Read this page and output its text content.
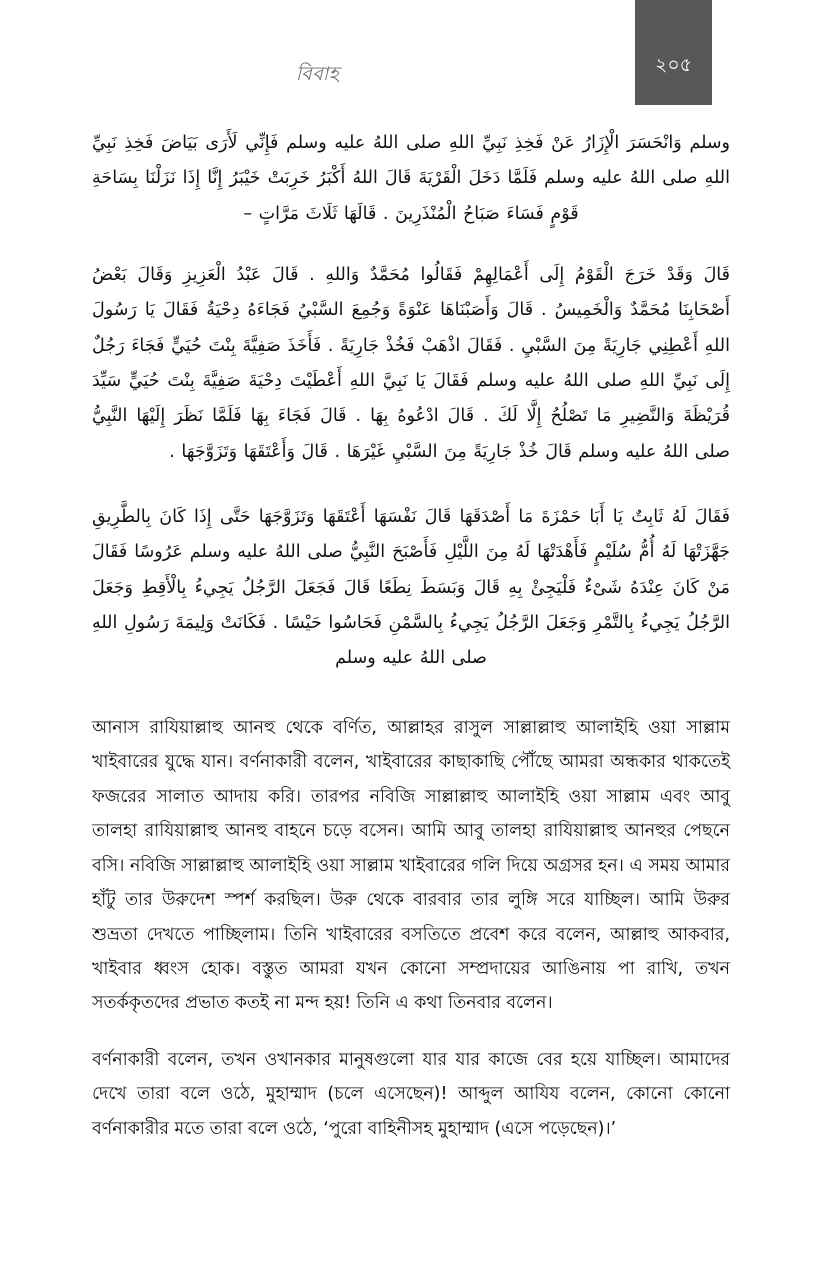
২০৫
বিবাহ

وسلم وَانْحَسَرَ الْإِزَارُ عَنْ فَخِذِ نَبِيِّ اللهِ صلى اللهُ عليه وسلم فَإِنِّي لَأَرَى بَيَاضَ فَخِذِ نَبِيِّ اللهِ صلى اللهُ عليه وسلم فَلَمَّا دَخَلَ الْقَرْيَةَ قَالَ اللهُ أَكْبَرُ خَرِبَتْ خَيْبَرُ إِنَّا إِذَا نَزَلْنَا بِسَاحَةِ قَوْمٍ فَسَاءَ صَبَاحُ الْمُنْذَرِينَ . قَالَهَا ثَلَاثَ مَرَّاتٍ –

قَالَ وَقَدْ خَرَجَ الْقَوْمُ إِلَى أَعْمَالِهِمْ فَقَالُوا مُحَمَّدٌ وَاللهِ . قَالَ عَبْدُ الْعَزِيزِ وَقَالَ بَعْضُ أَصْحَابِنَا مُحَمَّدٌ وَالْخَمِيسُ . قَالَ وَأَصَبْنَاهَا عَنْوَةً وَجُمِعَ السَّبْيُ فَجَاءَهُ دِحْيَةُ فَقَالَ يَا رَسُولَ اللهِ أَعْطِنِي جَارِيَةً مِنَ السَّبْيِ . فَقَالَ اذْهَبْ فَخُذْ جَارِيَةً . فَأَخَذَ صَفِيَّةَ بِنْتَ حُيَيٍّ فَجَاءَ رَجُلٌ إِلَى نَبِيِّ اللهِ صلى اللهُ عليه وسلم فَقَالَ يَا نَبِيَّ اللهِ أَعْطَيْتَ دِحْيَةَ صَفِيَّةَ بِنْتَ حُيَيٍّ سَيِّدَ قُرَيْظَةَ وَالنَّضِيرِ مَا تَصْلُحُ إِلَّا لَكَ . قَالَ ادْعُوهُ بِهَا . قَالَ فَجَاءَ بِهَا فَلَمَّا نَظَرَ إِلَيْهَا النَّبِيُّ صلى اللهُ عليه وسلم قَالَ خُذْ جَارِيَةً مِنَ السَّبْيِ غَيْرَهَا . قَالَ وَأَعْتَقَهَا وَتَزَوَّجَهَا .

فَقَالَ لَهُ ثَابِتٌ يَا أَبَا حَمْزَةَ مَا أَصْدَقَهَا قَالَ نَفْسَهَا أَعْتَقَهَا وَتَزَوَّجَهَا حَتَّى إِذَا كَانَ بِالطَّرِيقِ جَهَّزَتْهَا لَهُ أُمُّ سُلَيْمٍ فَأَهْدَتْهَا لَهُ مِنَ اللَّيْلِ فَأَصْبَحَ النَّبِيُّ صلى اللهُ عليه وسلم عَرُوسًا فَقَالَ مَنْ كَانَ عِنْدَهُ شَىْءٌ فَلْيَجِئْ بِهِ قَالَ وَبَسَطَ نِطَعًا قَالَ فَجَعَلَ الرَّجُلُ يَجِيءُ بِالْأَقِطِ وَجَعَلَ الرَّجُلُ يَجِيءُ بِالتَّمْرِ وَجَعَلَ الرَّجُلُ يَجِيءُ بِالسَّمْنِ فَحَاسُوا حَيْسًا . فَكَانَتْ وَلِيمَةَ رَسُولِ اللهِ صلى اللهُ عليه وسلم

আনাস রাযিয়াল্লাহু আনহু থেকে বর্ণিত, আল্লাহর রাসুল সাল্লাল্লাহু আলাইহি ওয়া সাল্লাম খাইবারের যুদ্ধে যান। বর্ণনাকারী বলেন, খাইবারের কাছাকাছি পৌঁছে আমরা অন্ধকার থাকতেই ফজরের সালাত আদায় করি। তারপর নবিজি সাল্লাল্লাহু আলাইহি ওয়া সাল্লাম এবং আবু তালহা রাযিয়াল্লাহু আনহু বাহনে চড়ে বসেন। আমি আবু তালহা রাযিয়াল্লাহু আনহুর পেছনে বসি। নবিজি সাল্লাল্লাহু আলাইহি ওয়া সাল্লাম খাইবারের গলি দিয়ে অগ্রসর হন। এ সময় আমার হাঁটু তার উরুদেশ স্পর্শ করছিল। উরু থেকে বারবার তার লুঙ্গি সরে যাচ্ছিল। আমি উরুর শুভ্রতা দেখতে পাচ্ছিলাম। তিনি খাইবারের বসতিতে প্রবেশ করে বলেন, আল্লাহু আকবার, খাইবার ধ্বংস হোক। বস্তুত আমরা যখন কোনো সম্প্রদায়ের আঙিনায় পা রাখি, তখন সতর্ককৃতদের প্রভাত কতই না মন্দ হয়! তিনি এ কথা তিনবার বলেন।

বর্ণনাকারী বলেন, তখন ওখানকার মানুষগুলো যার যার কাজে বের হয়ে যাচ্ছিল। আমাদের দেখে তারা বলে ওঠে, মুহাম্মাদ (চলে এসেছেন)! আব্দুল আযিয বলেন, কোনো কোনো বর্ণনাকারীর মতে তারা বলে ওঠে, ‘পুরো বাহিনীসহ মুহাম্মাদ (এসে পড়েছেন)।’
